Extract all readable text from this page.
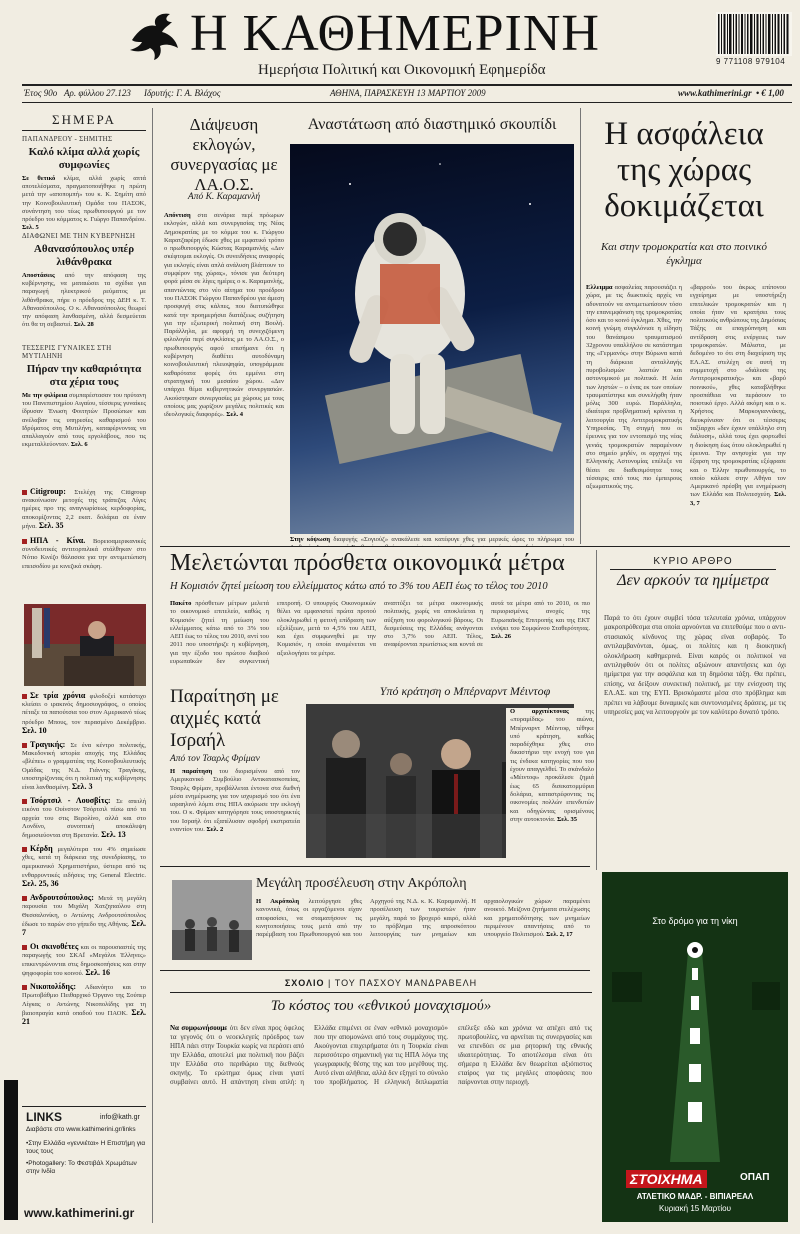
Η ΚΑΘΗΜΕΡΙΝΗ
Ημερήσια Πολιτική και Οικονομική Εφημερίδα
9 771108 979104
Έτος 90ο Αρ. φύλλου 27.123 Ιδρυτής: Γ. Α. Βλάχος	ΑΘΗΝΑ, ΠΑΡΑΣΚΕΥΗ 13 ΜΑΡΤΙΟΥ 2009	www.kathimerini.gr • € 1,00
ΣΗΜΕΡΑ
ΠΑΠΑΝΔΡΕΟΥ - ΣΗΜΙΤΗΣ
Καλό κλίμα αλλά χωρίς συμφωνίες
Σε θετικό κλίμα, αλλά χωρίς απτά αποτελέσματα, πραγματοποιήθηκε η πρώτη μετά την «αποπομπή» του κ. Κ. Σημίτη από την Κοινοβουλευτική Ομάδα του ΠΑΣΟΚ, συνάντηση του τέως πρωθυπουργού με τον πρόεδρο του κόμματος κ. Γιώργο Παπανδρέου. Σελ. 5
ΔΙΑΦΩΝΕΙ ΜΕ ΤΗΝ ΚΥΒΕΡΝΗΣΗ
Αθανασόπουλος υπέρ λιθάνθρακα
Αποστάσεις από την απόφαση της κυβέρνησης, να ματαιώσει τα σχέδια για παραγωγή ηλεκτρικού ρεύματος με λιθάνθρακα, πήρε ο πρόεδρος της ΔΕΗ κ. Τ. Αθανασόπουλος. Ο κ. Αθανασόπουλος θεωρεί την απόφαση λανθασμένη, αλλά δεσμεύεται ότι θα τη σεβαστεί. Σελ. 28
ΤΕΣΣΕΡΙΣ ΓΥΝΑΙΚΕΣ ΣΤΗ ΜΥΤΙΛΗΝΗ
Πήραν την καθαριότητα στα χέρια τους
Με την φιλίρεια συμπαρέστασαν του πρύτανη του Πανεπιστημίου Αιγαίου, τέσσερις γυναίκες ίδρυσαν Ένωση Φοιτητών Προσώπων και ανέλαβαν τις υπηρεσίες καθαρισμού του Ιδρύματος στη Μυτιλήνη, καταφέρνοντας να απαλλαγούν από τους εργολάβους, που τις εκμεταλλεύονταν. Σελ. 6
Citigroup: Στελέχη της Citigroup ανακοίνωσαν μετοχές της τράπεζας Λίγες ημέρες προ της αναγνωρίσεως κερδοφορίας, αποκομίζοντας 2,2 εκατ. δολάρια σε έναν μήνα. Σελ. 35
ΗΠΑ - Κίνα. Βορειοαμερικανικές συνοδευτικές αντιτορπιλικά στάλθηκαν στο Νότιο Κινέζο θάλασσα για την αντιμετώπιση επεισοδίου με κινεζικά σκάφη.
Σε τρία χρόνια φιλοδοξεί κατάστιχο κλείσει ο ιρακινός δημοσιογράφος, ο οποίος πέταξε τα παπούτσια του στον Αμερικανό τέως πρόεδρο Μπους, τον περασμένο Δεκέμβριο. Σελ. 10
Τραγικής: Σε ένα κέντρο πολιτικής, Μακεδονική ιστορία αποχής της Ελλάδας «βλέπει» ο γραμματέας της Κοινοβουλευτικής Ομάδας της Ν.Δ. Γιάννης Τραγάκης, υποστηρίζοντας ότι η πολιτική της κυβέρνησης είναι λανθασμένη. Σελ. 3
Τσόρτσιλ - Λουσβίτς: Σε απειλή εικόνα του Ουίνστον Τσόρτσιλ πίσω από τα αρχεία του στις Βερολίνο, αλλά και στο Λονδίνο, συνοπτική αποκάλυψη δημοσιεύονται στη Βρετανία. Σελ. 13
Κέρδη μεγαλύτερα του 4% σημείωσε χθες, κατά τη διάρκεια της συνεδρίασης, το αμερικανικό Χρηματιστήριο, ύστερα από τις ενθαρρυντικές ειδήσεις της General Electric. Σελ. 25, 36
Ανδρουτσόπουλος: Μετά τη μεγάλη παρουσία του Μιχάλη Χατζηπαύλου στη Θεσσαλονίκη, ο Αντώνης Ανδρουτσόπουλος έδωσε το παρών στο γήπεδο της Αθήνας. Σελ. 7
Οι σκινοθέτες και οι παρουσιαστές της παραγωγής του ΣΚΑΪ «Μεγάλοι Έλληνες» επικεντρώνονται στις δημοσκοπήσεις και στην ψηφοφορία του κοινού. Σελ. 16
Νικοπολίδης: Αδιανόητο και το Πρωτοβάθμιο Πειθαρχικό Όργανο της Σούπερ Λίγκας ο Αντώνης Νικοπολίδης για τη βιαιοπραγία κατά οπαδού του ΠΑΟΚ. Σελ. 21
LINKS	info@kath.gr
Διαβάστε στο www.kathimerini.gr/links
•Στην Ελλάδα «γεννιέται» Η Επιστήμη για τους τους
•Photogallery: Το Φεστιβάλ Χρωμάτων στην Ινδία
www.kathimerini.gr
Διάψευση εκλογών, συνεργασίας με ΛΑ.Ο.Σ.
Από Κ. Καραμανλή
Απόντιση στα σενάρια περί πρόωρων εκλογών, αλλά και συνεργασίας της Νέας Δημοκρατίας με το κόμμα του κ. Γιώργου Καρατζαφέρη έδωσε χθες με εμφατικό τρόπο ο πρωθυπουργός Κώστας Καραμανλής «Δεν σκέφτομαι εκλογές. Οι συνειδήσεις αναφορές για εκλογές είναι απλά ανάλυση βλάπτουν το συμφέρον της χώρας», τόνισε για δεύτερη φορά μέσα σε λίγες ημέρες ο κ. Καραμανλής, απαντώντας στο νέο αίτημα του προέδρου του ΠΑΣΟΚ Γιώργου Παπανδρέου για άμεση προσφυγή στις κάλπες, που διατυπώθηκε κατά την προημερήσια διατάξεως συζήτηση για την εξωτερική πολιτική στη Βουλή. Παράλληλα, με αφορμή τη συνεχιζόμενη φιλολογία περί συγκλίσεις με το ΛΑ.Ο.Σ., ο πρωθυπουργός αφού επισήμανε ότι η κυβέρνηση διαθέτει αυτοδύναμη κοινοβουλευτική πλειοψηφία, υπογράμμισε καθαρότατα φορές ότι εμμένει στη στρατηγική του μεσαίου χώρου. «Δεν υπάρχει θέμα κυβερνητικών συνεργασιών. Ακούστηκαν συνεργασίες με χώρους με τους οποίους μας χωρίζουν μεγάλες πολιτικές και ιδεολογικές διαφορές». Σελ. 4
Αναστάτωση από διαστημικό σκουπίδι
Στην κόψωση διαφυγής «Σογιούζ» ανακάλεσε και κατέφυγε χθες για μερικές ώρες το πλήρωμα του
Η ασφάλεια της χώρας δοκιμάζεται
Και στην τρομοκρατία και στο ποινικό έγκλημα
Ελλειμμα ασφαλείας παρουσιάζει η χώρα, με τις διωκτικές αρχές να αδυνατούν να αντιμετωπίσουν τόσο την επανεμφάνιση της τρομοκρατίας όσο και το κοινό έγκλημα. Χθες, την κοινή γνώμη συγκλόνισε η είδηση του θανάσιμου τραυματισμού 32χρονου υπαλλήλου σε κατάστημα της «Γερμανός» στην Βύρωνα κατά τη διάρκεια ανταλλαγής πυροβολισμών λαστών και αστυνομικού με πολιτικά. Η λεία των ληστών – ο ένας εκ των οποίων τραυματίστηκε και συνελήφθη ήταν μόλις 300 ευρώ. Παράλληλα, ιδιαίτερα προβληματική κρίνεται η λειτουργία της Αντιτρομοκρατικής Υπηρεσίας. Τη στιγμή που οι έρευνες για τον εντοπισμό της νέας γενιάς τρομοκρατών παραμένουν στο σημείο μηδέν, οι αρχηγοί της Ελληνικής Αστυνομίας επέλεξε να θέσει σε διαθεσιμότητα τους τέσσερις από τους πιο έμπειρους αξιωματικούς της.
«βαρρού» του άκρως επίπονου εγχείρημα με υποστήριξη επιτελικών τρομοκρατών και η οποία ήταν να κρατήσει τους πολιτικούς ανθρώπους της Δημόσιας Τάξης σε επαγρύπνηση και αντίδραση στις ενέργειες των τρομοκρατών. Μάλιστα, με δεδομένο το ότι στη διαχείριση της ΕΛ.ΑΣ. στελέχη σε αυτή τη συμμετοχή στο «διάλυσε της Αντιτρομοκρατικής» και «βαρύ ποινικού», χθες καταβλήθηκε προσπάθεια να περάσουν το ποιοτικό έργο. Αλλά ακόμη και ο κ. Χρήστος Μαρκογιαννάκης, διευκρίνισαν ότι οι τέσσερις ταξίαρχοι «δεν έχουν υπάλληλο στη διάλυση», αλλά τους έχει φορτωθεί η διοίκηση έως ότου ολοκληρωθεί η έρευνα. Την ανησυχία για την έξαρση της τρομοκρατίας εξέφρασε και ο Έλλην πρωθυπουργός, το οποίο κάλεσε στην Αθήνα τον Αμερικανό πρέσβη για ενημέρωση των Ελλάδα και Πολιτεσχεύη. Σελ. 3, 7
Μελετώνται πρόσθετα οικονομικά μέτρα
Η Κομισιόν ζητεί μείωση του ελλείμματος κάτω από το 3% του ΑΕΠ έως το τέλος του 2010
Πακέτο πρόσθετων μέτρων μελετά το οικονομικό επιτελείο, καθώς η Κομισιόν ζητεί τη μείωση του ελλείμματος κάτω από το 3% του ΑΕΠ έως το τέλος του 2010, αντί του 2011 που υποστήριζε η κυβέρνηση, για την έξοδο του πρώτου διαβιού ευρωπαϊκών δεν συγκεντική επιτροπή. Ο υπουργός Οικονομικών θέλει να εμφανιστεί πρώτα προτού ολοκληρωθεί η φετινή επίδραση των εξελίξεων, μετά το 4,5% του ΑΕΠ, και έχει συμφωνηθεί με την Κομισιόν, η οποία αναμένεται να αξιολογήσει τα μέτρα.
αναπτύξει τα μέτρα οικονομικής πολιτικής, χωρίς να αποκλείεται η αύξηση του φορολογικού βάρους. Οι δεσμεύσεις της Ελλάδας ανάγονται στο 3,7% του ΑΕΠ. Τέλος, αναφέρονται πρωτίστως και κοντά σε αυτά τα μέτρα από το 2010, οι πιο περιορισμένες ανοχές της Ευρωπαϊκής Επιτροπής και της ΕΚΤ ενόψει του Συμφώνου Σταθερότητας. Σελ. 26
ΚΥΡΙΟ ΑΡΘΡΟ
Δεν αρκούν τα ημίμετρα
Παρά το ότι έχουν συμβεί τόσα τελευταία χρόνια, υπάρχουν μακροπρόθεσμα στα οποία αρνούνται να επιτεθούμε που ο αντι-στασιακός κίνδυνος της χώρας είναι σοβαρός. Το αντιλαμβανόνται, όμως, οι πολίτες και η διοικητική ολοκλήρωση καθημερινά. Είναι καιρός οι πολιτικοί να αντιληφθούν ότι οι πολίτες αξιώνουν απαντήσεις και όχι ημίμετρα για την ασφάλεια και τη δημόσια τάξη. Θα πρέπει, επίσης, να δείξουν συνεκτική πολιτική, με την ενίσχυση της ΕΛ.ΑΣ. και της ΕΥΠ. Βρισκόμαστε μέσα στο πρόβλημα και πρέπει να λάβουμε δυναμικές και συντονισμένες δράσεις, με τις υπηρεσίες μας να λειτουργούν με τον καλύτερο δυνατό τρόπο.
Παραίτηση με αιχμές κατά Ισραήλ
Από τον Τσαρλς Φρίμαν
Η παραίτηση του διορισμένου από τον Αμερικανικό Συμβούλιο Αντικατασκοπείας, Τσαρλς Φρίμαν, προβάλλεται έντονα στα διεθνή μέσα ενημέρωσης για τον ισχυρισμό του ότι ένα ισραηλινό λόμπι στις ΗΠΑ ακύρωσε την εκλογή του. Ο κ. Φρίμαν κατηγόρησε τους υποστηρικτές του Ισραήλ ότι εξαπέλυσαν σφοδρή εκστρατεία εναντίον του. Σελ. 2
Υπό κράτηση ο Μπέρναρντ Μέιντοφ
Ο αρχιτέκτονας της «πυραμίδας» του αιώνα, Μπέρναρντ Μέιντοφ, τέθηκε υπό κράτηση, καθώς παραδέχθηκε χθες στο δικαστήριο την ενοχή του για τις ένδεκα κατηγορίες που του έχουν απαγγελθεί. Το σκάνδαλο «Μέιντοφ» προκάλεσε ζημιά έως 65 δισεκατομμύρια δολάρια, καταστρέφοντας τις οικονομίες πολλών επενδυτών και οδηγώντας ορισμένους στην αυτοκτονία. Σελ. 35
Μεγάλη προσέλευση στην Ακρόπολη
Η Ακρόπολη λειτούργησε χθες κανονικά, όπως οι εργαζόμενοι είχαν αποφασίσει, να σταματήσουν τις κινητοποιήσεις τους μετά από την παρέμβαση του Πρωθυπουργού και του Αρχηγού της Ν.Δ. κ. Κ. Καραμανλή. Η προσέλευση των τουριστών ήταν μεγάλη, παρά το βροχερό καιρό, αλλά το πρόβλημα της απροσκόπτου λειτουργίας των μνημείων και αρχαιολογικών χώρων παραμένει ανοικτό. Μείζονα ζητήματα στελέχωσης και χρηματοδότησης των μνημείων περιμένουν απαντήσεις από το υπουργείο Πολιτισμού. Σελ. 2, 17
ΣΧΟΛΙΟ | ΤΟΥ ΠΑΣΧΟΥ ΜΑΝΔΡΑΒΕΛΗ
Το κόστος του «εθνικού μοναχισμού»
Να συμφωνήσουμε ότι δεν είναι προς όφελος τα γεγονός ότι ο νεοεκλεγείς πρόεδρος των ΗΠΑ πάει στην Τουρκία κωρίς να περάσει από την Ελλάδα, αποτελεί μια πολιτική που βάζει την Ελλάδα στο περιθώριο της διεθνούς σκηνής. Το ερώτημα όμως είναι γιατί συμβαίνει αυτό. Η απάντηση είναι απλή: η Ελλάδα επιμένει σε έναν «εθνικό μοναχισμό» που την απομονώνει από τους συμμάχους της. Ακούγονται επιχειρήματα ότι η Τουρκία είναι περισσότερο σημαντική για τις ΗΠΑ λόγω της γεωγραφικής θέσης της και του μεγέθους της. Αυτό είναι αλήθεια, αλλά δεν εξηγεί το σύνολο του προβλήματος. Η ελληνική διπλωματία επέλεξε εδώ και χρόνια να απέχει από τις πρωτοβουλίες, να αρνείται τις συνεργασίες και να επενδύει σε μια ρητορική της εθνικής ιδιαιτερότητας. Το αποτέλεσμα είναι ότι σήμερα η Ελλάδα δεν θεωρείται αξιόπιστος εταίρος για τις μεγάλες αποφάσεις που παίρνονται στην περιοχή.
Στο δρόμο για τη νίκη
ΣΤΟΙΧΗΜΑ	ΟΠΑΠ
ΑΤΛΕΤΙΚΟ ΜΑΔΡ. - ΒΙΠΙΑΡΕΑΛ
Κυριακή 15 Μαρτίου
